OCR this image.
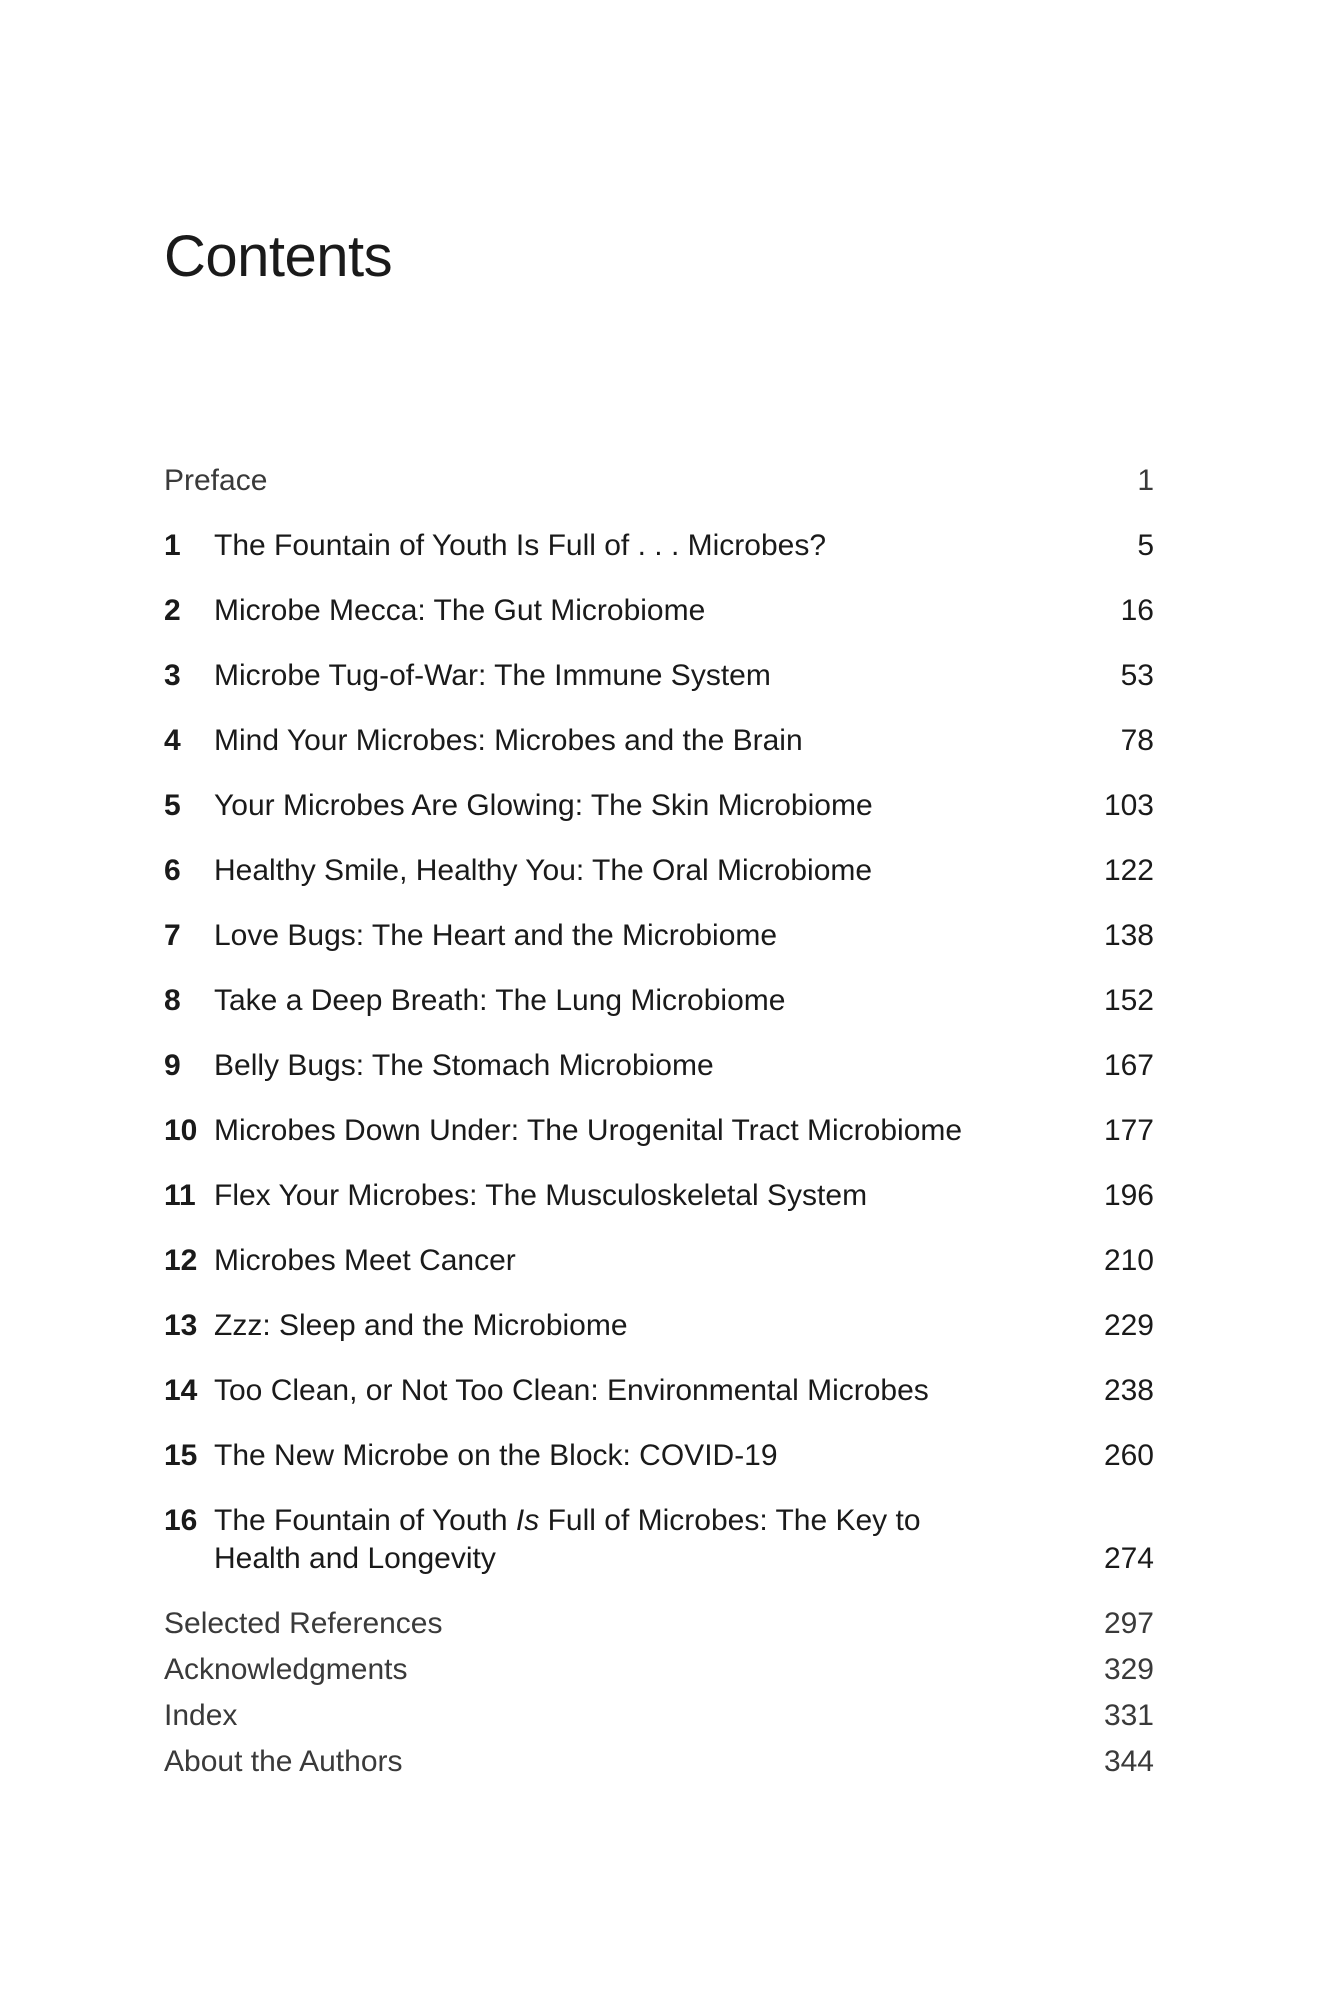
Contents
Preface	1
1	The Fountain of Youth Is Full of . . . Microbes?	5
2	Microbe Mecca: The Gut Microbiome	16
3	Microbe Tug-of-War: The Immune System	53
4	Mind Your Microbes: Microbes and the Brain	78
5	Your Microbes Are Glowing: The Skin Microbiome	103
6	Healthy Smile, Healthy You: The Oral Microbiome	122
7	Love Bugs: The Heart and the Microbiome	138
8	Take a Deep Breath: The Lung Microbiome	152
9	Belly Bugs: The Stomach Microbiome	167
10 Microbes Down Under: The Urogenital Tract Microbiome	177
11 Flex Your Microbes: The Musculoskeletal System	196
12 Microbes Meet Cancer	210
13 Zzz: Sleep and the Microbiome	229
14 Too Clean, or Not Too Clean: Environmental Microbes	238
15 The New Microbe on the Block: COVID-19	260
16 The Fountain of Youth Is Full of Microbes: The Key to
Health and Longevity	274
Selected References	297
Acknowledgments	329
Index	331
About the Authors	344
